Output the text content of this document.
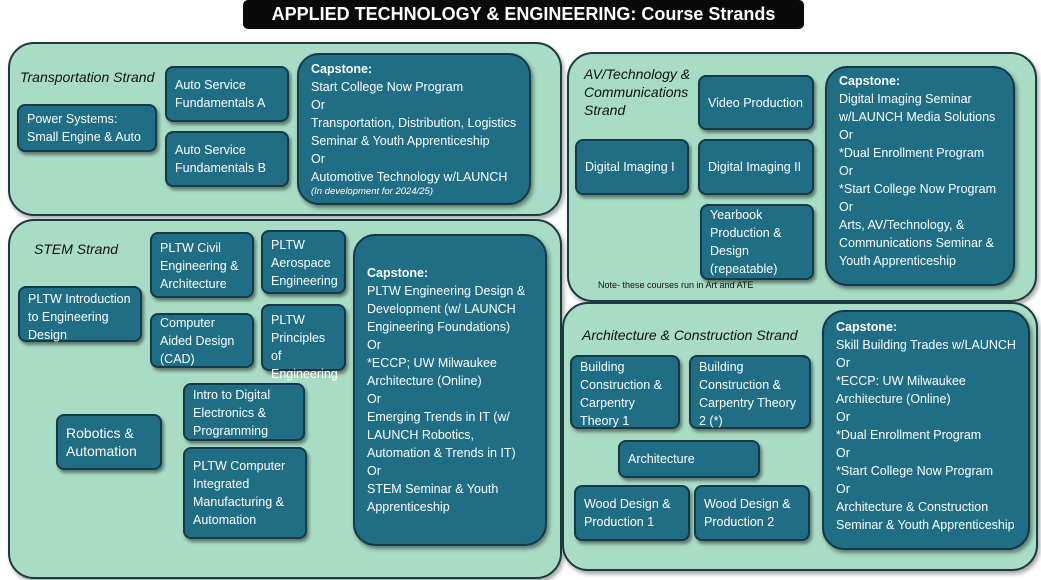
APPLIED TECHNOLOGY & ENGINEERING: Course Strands
Transportation Strand
Power Systems: Small Engine & Auto
Auto Service Fundamentals A
Auto Service Fundamentals B
Capstone:
Start College Now Program
Or
Transportation, Distribution, Logistics Seminar & Youth Apprenticeship
Or
Automotive Technology w/LAUNCH
(In development for 2024/25)
AV/Technology & Communications Strand	Video Production
Digital Imaging I	Digital Imaging II
Yearbook Production & Design (repeatable)
Note- these courses run in Art and ATE
Capstone:
Digital Imaging Seminar w/LAUNCH Media Solutions
Or
*Dual Enrollment Program
Or
*Start College Now Program
Or
Arts, AV/Technology, & Communications Seminar & Youth Apprenticeship
STEM Strand
PLTW Introduction to Engineering Design
PLTW Civil Engineering & Architecture
PLTW Aerospace Engineering
Computer Aided Design (CAD)
PLTW Principles of Engineering
Intro to Digital Electronics & Programming
Robotics & Automation
PLTW Computer Integrated Manufacturing & Automation
Capstone:
PLTW Engineering Design & Development (w/ LAUNCH Engineering Foundations)
Or
*ECCP; UW Milwaukee Architecture (Online)
Or
Emerging Trends in IT (w/ LAUNCH Robotics, Automation & Trends in IT)
Or
STEM Seminar & Youth Apprenticeship
Architecture & Construction Strand
Building Construction & Carpentry Theory 1
Building Construction & Carpentry Theory 2 (*)
Architecture
Wood Design & Production 1
Wood Design & Production 2
Capstone:
Skill Building Trades w/LAUNCH
Or
*ECCP: UW Milwaukee Architecture (Online)
Or
*Dual Enrollment Program
Or
*Start College Now Program
Or
Architecture & Construction Seminar & Youth Apprenticeship
